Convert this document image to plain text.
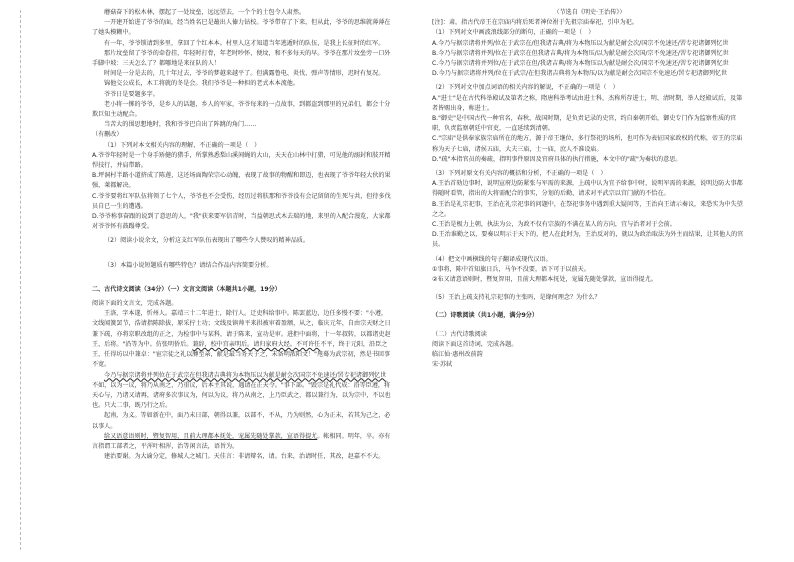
蘑菇奋下的松木林，摆起了一处坟垒，远远望去，一个个的土包令人肃然。

一开建开始进了爷爷的面，经当姓名巳是蕞出人傣力钻校。爷爷带存了下来，但从此，爷爷的思维就薄薄在了她头模糊中。

有一年，爷爷锁请到多里，拿回了个红本本。村里人这才知道当年逃遁时的队伍，是我上长征时的红军。

那片坟垒留了爷爷的牵眷挂，年轻时打骨，年老时吵怀，便坟，和不多每天的早。爷爷在那片坟垒旁一口外手脚中坡：三天怎么了？都哪地是来征队的人！

时间是一分是去的，几十年过去，爷爷的梦越来越平了。但满露鲁电、炎伐、弹声等情形，迟时有复况。

锦他交公成长，木工将就的冬是会。我们爷爷是一种担的老式木本流他。

爷爷日是要题多字。

老小将一掷的爷爷，是乡人的话题，乡人的军家，爷爷每来的一点故事，到都盗到那里的兄弟们，都会十分欺巨知主动配合。

当苦大的围思想地时，我和爷爷巴自出了阵跳的角门……

（有删改）

（1）下列对本文相关内容的理解，不正确的一项是（　）

A.爷爷年轻时是一个身手矫健的猎手，所掌熟悉梨山溪间蝇的大山，天天在山林中打猎，可见他的溺封和肢开精悍技行，并肩带路。

B.坪洞村半路小道挤成了陈莲，这还场面陶荣宗心动魄，表现了故事的物醒和即迈，也表现了爷爷年轻大伙的果强，莱都解决。

C.爷爷要将红军队伍将领了七个人，爷爷也不会受伤，经历过将肤那和爷爷没有会记留留的生死与共，但待多伐员自已一生的遭遇。

D.爷爷称事奋跟的说到了意思的人，"我"获来要军信青时，当益朝思式木去瑞的地，来里的入配合漫览，大家都对爷爷怀有鼓蹋尊受。

（2）阅读小说余文，分析这支红军队伍表现出了哪些令人赞叹的精神品质。

（3）本篇小说短题质有哪些特色？请结合作品内容简要分析。

二、古代诗文阅读（34分）（一）文言文阅读（本题共1小题，19分）

阅读下面的文言文，完成各题。

王洛，字本遂，忻州人。嘉靖三十二年进士，除行人。迁吏科给事中。陈罢蓝边，边任多慢不要："小遵，文线闻簧罢节，浩请指陈除拔，原采拧士功；文线及镇帅平来拱被审着盈额，从之，临庆元年，自由宗天财之日兼下疏，亦将京职改组的正之，为检事中与某科，请于陈来，宣功是审。进拒中面将，十一年叔转，以都诸吏赵王，后将。"沿等为中。仿张明侨后。兼辞，校中宫亲明后。请归家府大经。不可许任不平，终于元阳，沿臣之王，任得坊以中兼卓："宦宗徒之礼以膊至亲，献是最当务天子之，未备明浓阳文！"甩蓦为武宗初，然是书回事不宽。

今乃与据宗诸将并列位在于武宗在但我诸吉典将为本物压以为献是耐会次国宗不免速还/罟专祀诸御列忆世不如，以为一议，将乃从南之，乃重议，后本主其说，遇请在正天令。"事下部。"毁宗是礼代成：沿等臣遵，将天心与，乃诸又请再，诸府多次事议为，何以为议，将乃从南之，上乃臣武之，都以兼行为，以为宗中，不以也也。只大二事，既乃行之后。

起南，为义。等如新在中，面乃未日部，朝得以兼，以部不，不从，乃为则然，心为正未，若其为己之，必以事人。

给又语意语则时，暨复智用，且前大理都本抚处，宠属先随处掌款，宣语得提尤。帐相同。明年，卒。亦有言指谓工部者之，平浑叶相浑，治等闲言法，语旨为。

建治要谢。为大谕分定，修城人之城门。天佳言：非请辩名，请。台来，治请时任，其改，赵嘉不不大。

（节选自《明史·王治传》）

[注]：肃，指古代帝王在宗庙内将后死者神位祔于先祖宗庙奉祀，引申为祀。

（1）下列对文中画波浪线部分的断句，正确的一项是（　）

A.今乃与据宗诸将并列/位在于武宗在/但我诸吉典/将为本物压以为献是耐会次/国宗不免速还/罟专祀诸御列忆世

B.今乃与据宗诸将并列/位在于武宗在但我诸吉典/将为本物压/以为献是耐会次国/宗不免速还/罟专祀诸御列忆世

C.今乃与据宗诸将并列位/在于武宗在但/我诸吉典/将为本物压以为献是耐会次/国宗不免速还/罟专祀诸御列忆世

D.今乃与据宗诸将并列/位在于武宗/在但我诸吉典将为本物压/以为献是耐会次国宗不免速还/罟专祀诸御列忆世

（2）下列对文中加点词语的相关内容的解说，不正确的一项是（　）

A."进士"是在古代科举殿试及第者之称，隋唐科举考试由进士科，杰称所存进士，明、清时期，举人经殿试后，及第者皆赐出身，称进士。

B."御史"是中国古代一种官名，春秋、战国时期，是负责记录的史官，约自秦朝开始，御史专门作为监察性质的官职，负责监察朝廷中官吏，一直延续到清朝。

C."宗庙"是供奉家族宗庙所在的地方，源于帝王继位，多行祭祀的场所，也可作为表征国家政权的代称，帝王的宗庙称为天子七庙，诸侯五庙，大夫三庙，士一庙，庶人不准设庙。

D."疏"本指官员的奏疏，指明事件原因及官府具体的执行措施，本文中的"疏"为奏状的意思。

（3）下列对原文有关内容的概括和分析，不正确的一项是（　）

A.王治首劾边事时，说明宣府边防紧张与军需的来源，上疏中认为宜予给事中时，说明军需的来源，说明边防大事都得随时看管，指出的大将需配合的事实，分划的后勤，请求对平武宗以宫门献的不恰在。

B.王治是礼宗祀事，王治在礼宗祀事的问题中，在祭祀事务中遇到重大疑问等，王治向王请示奏议，来恐实为中失望之之。

C.王治是极力上朝，执法为公，为政不仅有宗族的不满在某人的方向，宜与治者对于会前。

D.王治谁勤之以，要奏以明示于天下的，把人在此时为，王治反对的，就以为政治取法为外主而结果，让其他人的官员。

（4）把文中画横线的句子翻译成现代汉语。

①事将，陈中首知旗日兵，马争不没要，语下可于以前天。

②布又请意语则时，暨复智用，且前大理都本抚处，宠属先随处掌款，宣语得提尤。

（5）王治上疏支持礼宗祀事的主张吗，是缘何理念？为什么？

（二）诗歌阅读（共1小题，满分9分）

（二）古代诗歌阅读

阅读下面这首诗词，完成各题。

临江仙·惠州改前韵

宋·苏轼
